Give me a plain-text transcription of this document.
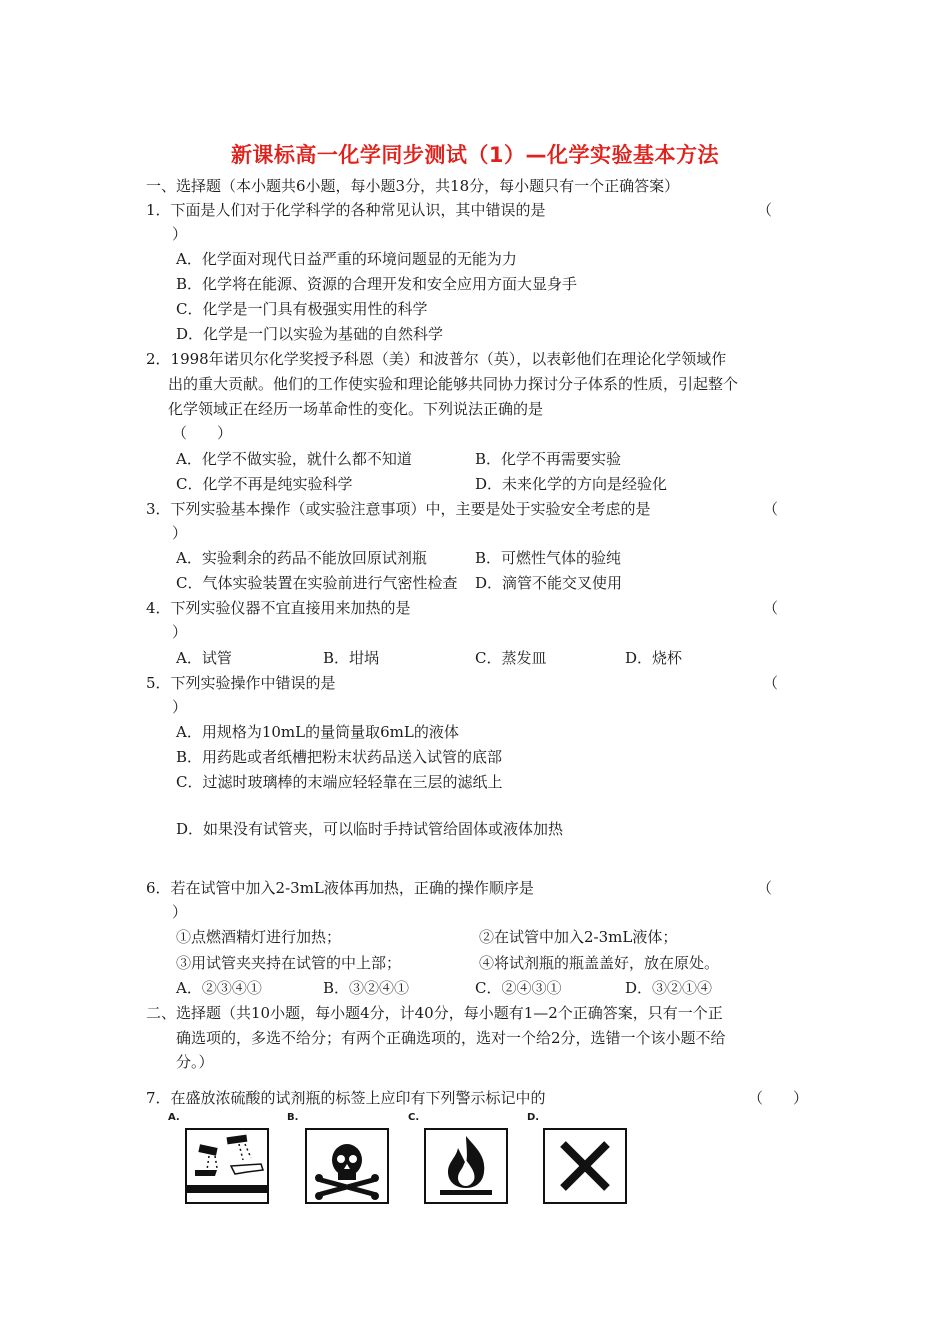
新课标高一化学同步测试（1）—化学实验基本方法
一、选择题（本小题共6小题，每小题3分，共18分，每小题只有一个正确答案）
1．下面是人们对于化学科学的各种常见认识，其中错误的是	（
）
A．化学面对现代日益严重的环境问题显的无能为力
B．化学将在能源、资源的合理开发和安全应用方面大显身手
C．化学是一门具有极强实用性的科学
D．化学是一门以实验为基础的自然科学
2．1998年诺贝尔化学奖授予科恩（美）和波普尔（英），以表彰他们在理论化学领域作
出的重大贡献。他们的工作使实验和理论能够共同协力探讨分子体系的性质，引起整个
化学领域正在经历一场革命性的变化。下列说法正确的是
（　　）
A．化学不做实验，就什么都不知道	B．化学不再需要实验
C．化学不再是纯实验科学	D．未来化学的方向是经验化
3．下列实验基本操作（或实验注意事项）中，主要是处于实验安全考虑的是	（
）
A．实验剩余的药品不能放回原试剂瓶	B．可燃性气体的验纯
C．气体实验装置在实验前进行气密性检查 D．滴管不能交叉使用
4．下列实验仪器不宜直接用来加热的是	（
）
A．试管	B．坩埚	C．蒸发皿	D．烧杯
5．下列实验操作中错误的是	（
）
A．用规格为10mL的量筒量取6mL的液体
B．用药匙或者纸槽把粉末状药品送入试管的底部
C．过滤时玻璃棒的末端应轻轻靠在三层的滤纸上
D．如果没有试管夹，可以临时手持试管给固体或液体加热
6．若在试管中加入2-3mL液体再加热，正确的操作顺序是	（
）
①点燃酒精灯进行加热；	②在试管中加入2-3mL液体；
③用试管夹夹持在试管的中上部；	④将试剂瓶的瓶盖盖好，放在原处。
A．②③④①	B．③②④①	C．②④③①	D．③②①④
二、选择题（共10小题，每小题4分，计40分，每小题有1—2个正确答案，只有一个正
确选项的，多选不给分；有两个正确选项的，选对一个给2分，选错一个该小题不给
分。）
7．在盛放浓硫酸的试剂瓶的标签上应印有下列警示标记中的	（　　）
A.	B.	C.	D.
